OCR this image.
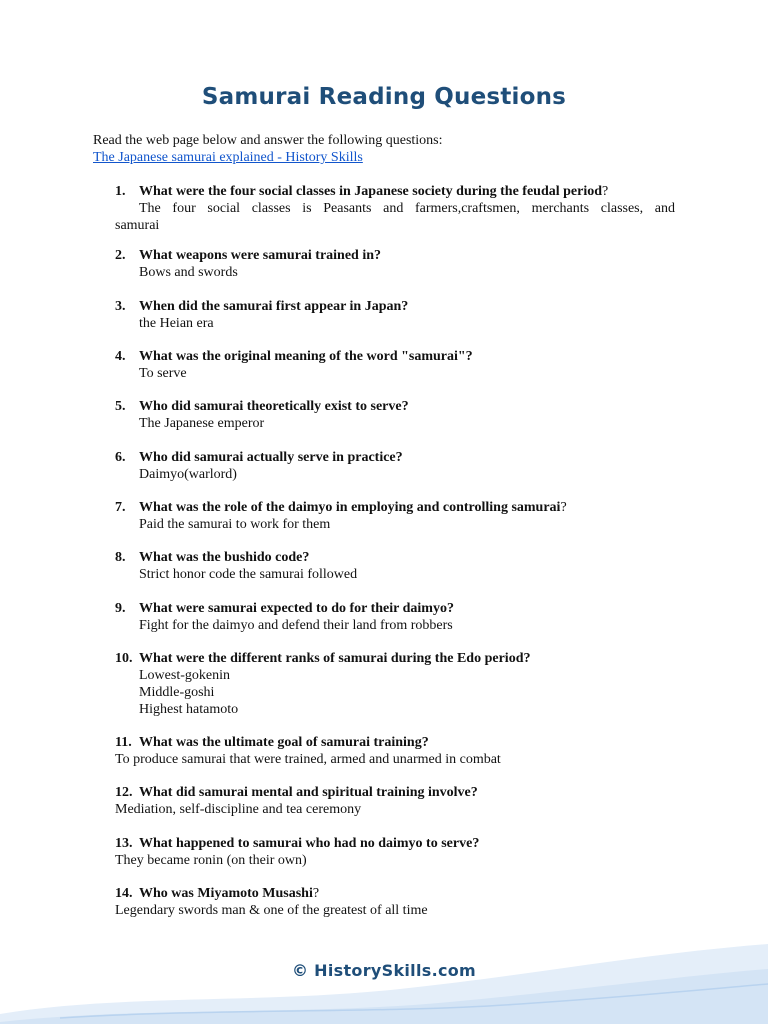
Samurai Reading Questions
Read the web page below and answer the following questions:
The Japanese samurai explained - History Skills
1. What were the four social classes in Japanese society during the feudal period?
The four social classes is Peasants and farmers,craftsmen, merchants classes, and
samurai
2. What weapons were samurai trained in?
Bows and swords
3. When did the samurai first appear in Japan?
the Heian era
4. What was the original meaning of the word "samurai"?
To serve
5. Who did samurai theoretically exist to serve?
The Japanese emperor
6. Who did samurai actually serve in practice?
Daimyo(warlord)
7. What was the role of the daimyo in employing and controlling samurai?
Paid the samurai to work for them
8. What was the bushido code?
Strict honor code the samurai followed
9. What were samurai expected to do for their daimyo?
Fight for the daimyo and defend their land from robbers
10. What were the different ranks of samurai during the Edo period?
Lowest-gokenin
Middle-goshi
Highest hatamoto
11. What was the ultimate goal of samurai training?
To produce samurai that were trained, armed and unarmed in combat
12. What did samurai mental and spiritual training involve?
Mediation, self-discipline and tea ceremony
13. What happened to samurai who had no daimyo to serve?
They became ronin (on their own)
14. Who was Miyamoto Musashi?
Legendary swords man & one of the greatest of all time
© HistorySkills.com
